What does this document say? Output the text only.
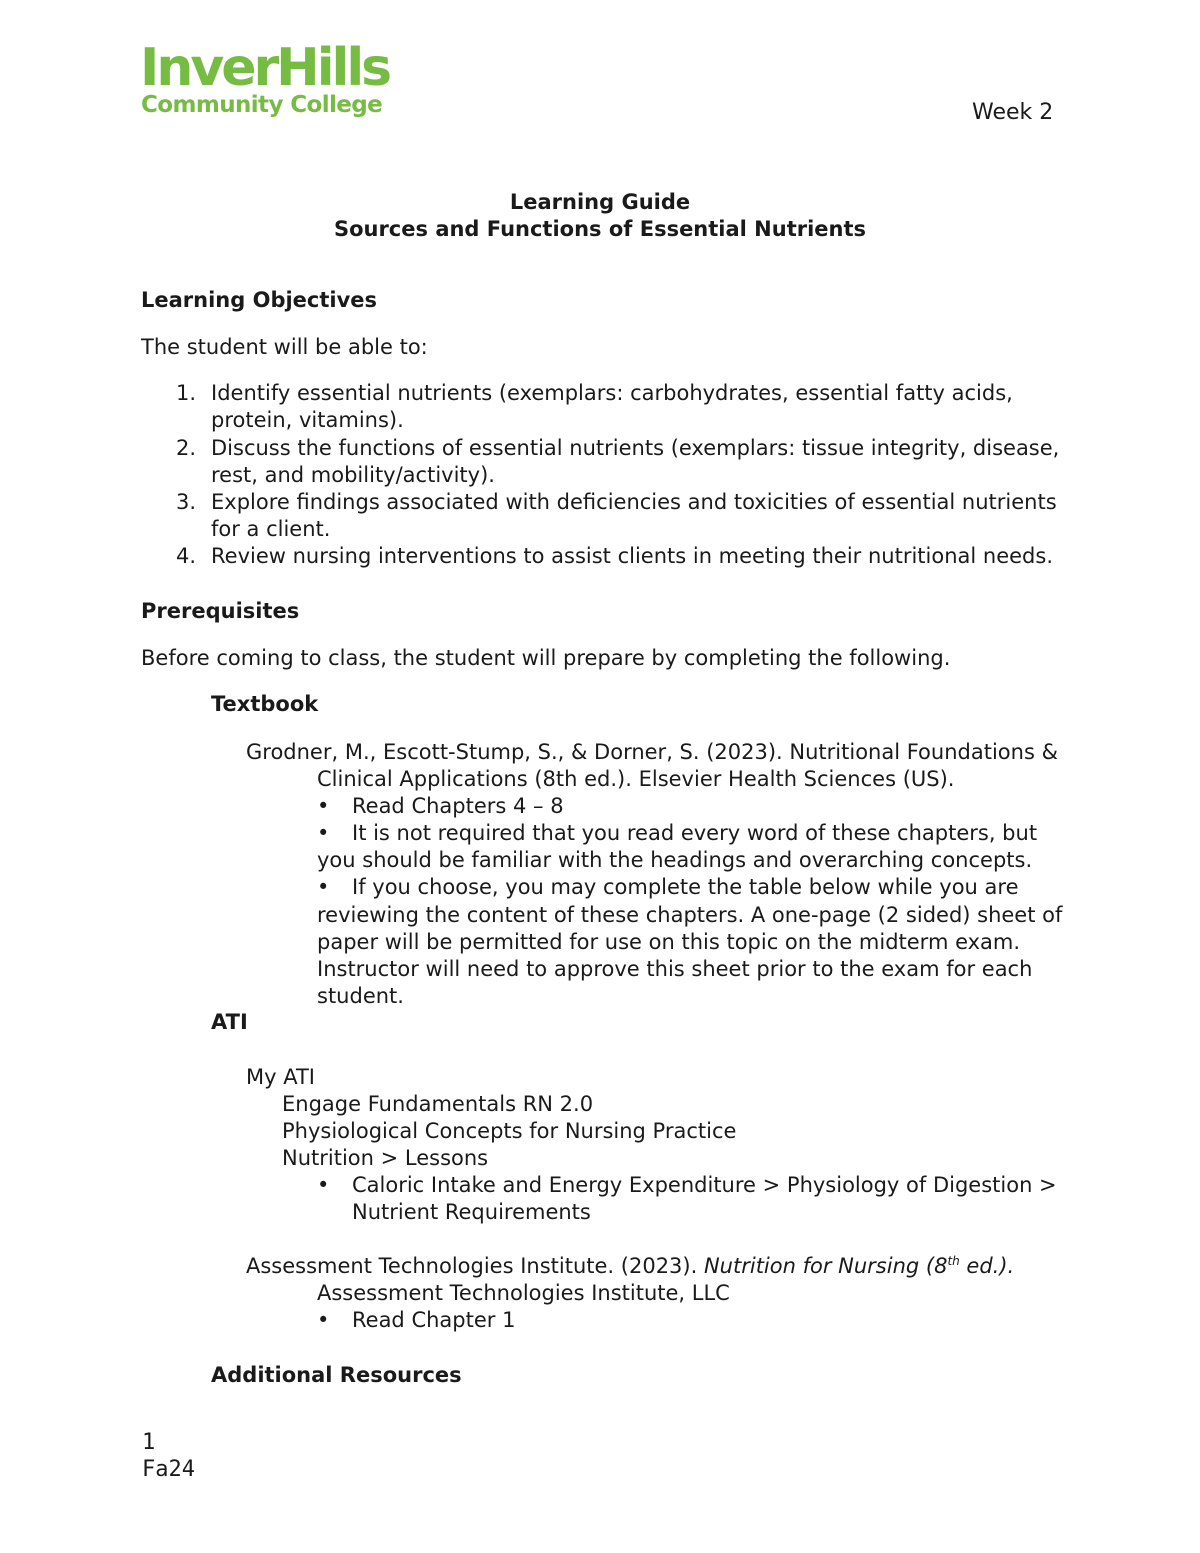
InverHills
Community College	Week 2
Learning Guide
Sources and Functions of Essential Nutrients
Learning Objectives
The student will be able to:
1. Identify essential nutrients (exemplars: carbohydrates, essential fatty acids,
protein, vitamins).
2. Discuss the functions of essential nutrients (exemplars: tissue integrity, disease,
rest, and mobility/activity).
3. Explore findings associated with deficiencies and toxicities of essential nutrients
for a client.
4. Review nursing interventions to assist clients in meeting their nutritional needs.
Prerequisites
Before coming to class, the student will prepare by completing the following.
Textbook
Grodner, M., Escott-Stump, S., & Dorner, S. (2023). Nutritional Foundations &
Clinical Applications (8th ed.). Elsevier Health Sciences (US).
• Read Chapters 4 – 8
• It is not required that you read every word of these chapters, but
you should be familiar with the headings and overarching concepts.
• If you choose, you may complete the table below while you are
reviewing the content of these chapters. A one-page (2 sided) sheet of
paper will be permitted for use on this topic on the midterm exam.
Instructor will need to approve this sheet prior to the exam for each
student.
ATI
My ATI
Engage Fundamentals RN 2.0
Physiological Concepts for Nursing Practice
Nutrition > Lessons
• Caloric Intake and Energy Expenditure > Physiology of Digestion >
Nutrient Requirements
Assessment Technologies Institute. (2023). Nutrition for Nursing (8th ed.).
Assessment Technologies Institute, LLC
• Read Chapter 1
Additional Resources
1
Fa24
